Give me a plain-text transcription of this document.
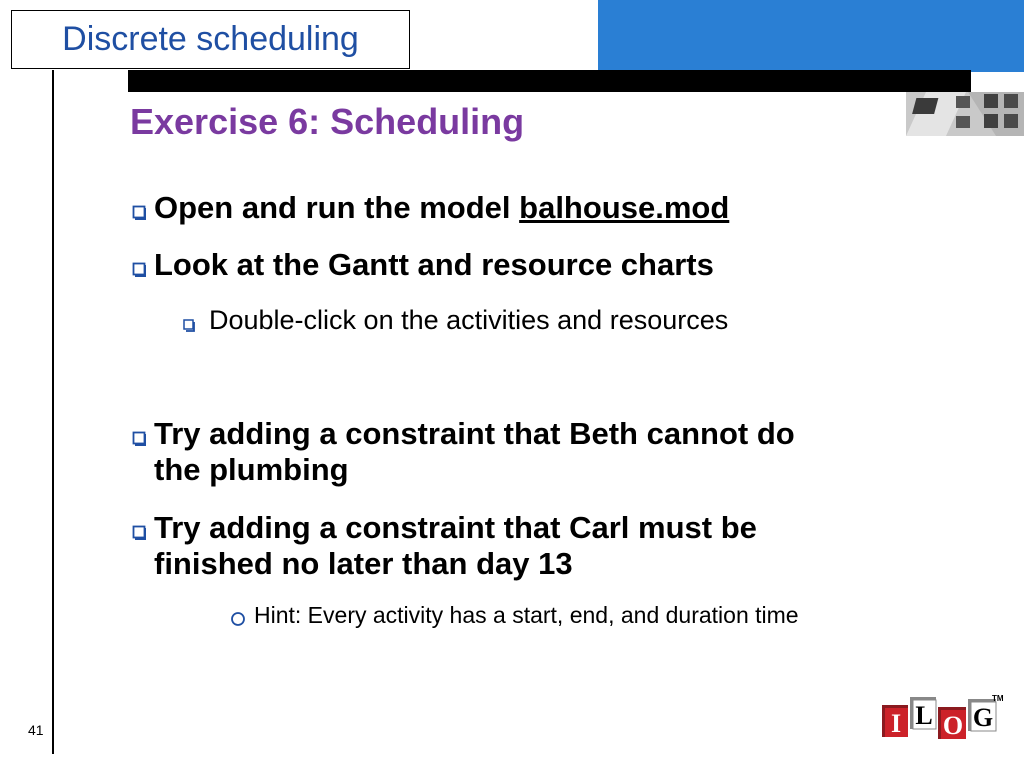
Discrete scheduling
Exercise 6: Scheduling
Open and run the model balhouse.mod
Look at the Gantt and resource charts
Double-click on the activities and resources
Try adding a constraint that Beth cannot do
the plumbing
Try adding a constraint that Carl must be
finished no later than day 13
Hint: Every activity has a start, end, and duration time
41	I L O G
TM
